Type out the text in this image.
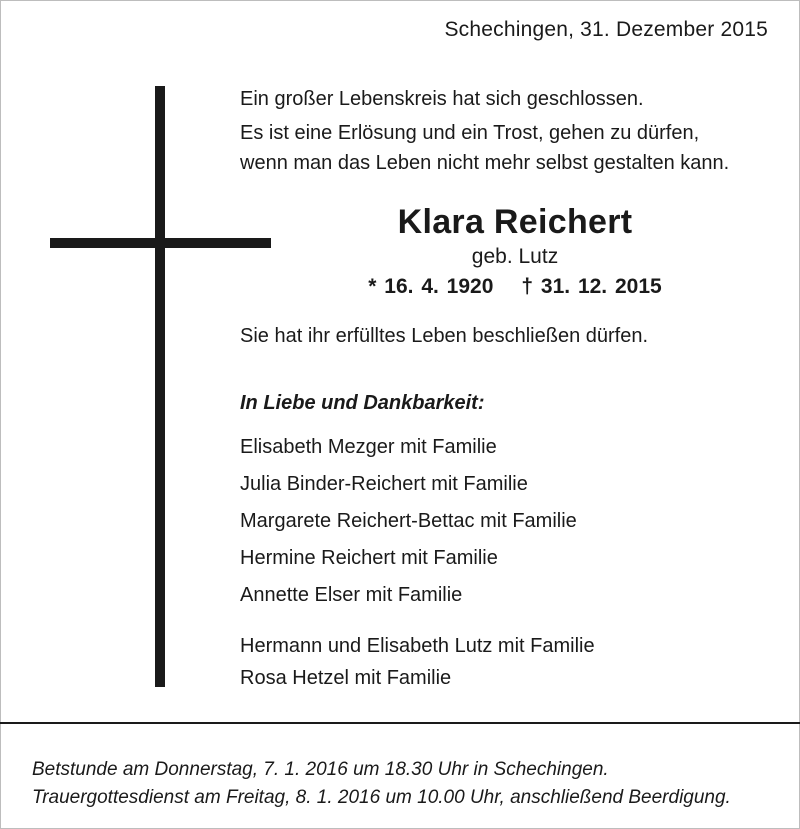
Schechingen, 31. Dezember 2015
Ein großer Lebenskreis hat sich geschlossen.
Es ist eine Erlösung und ein Trost, gehen zu dürfen,
wenn man das Leben nicht mehr selbst gestalten kann.
Klara Reichert
geb. Lutz
* 16. 4. 1920 † 31. 12. 2015
Sie hat ihr erfülltes Leben beschließen dürfen.
In Liebe und Dankbarkeit:
Elisabeth Mezger mit Familie
Julia Binder-Reichert mit Familie
Margarete Reichert-Bettac mit Familie
Hermine Reichert mit Familie
Annette Elser mit Familie
Hermann und Elisabeth Lutz mit Familie
Rosa Hetzel mit Familie
Betstunde am Donnerstag, 7. 1. 2016 um 18.30 Uhr in Schechingen.
Trauergottesdienst am Freitag, 8. 1. 2016 um 10.00 Uhr, anschließend Beerdigung.
